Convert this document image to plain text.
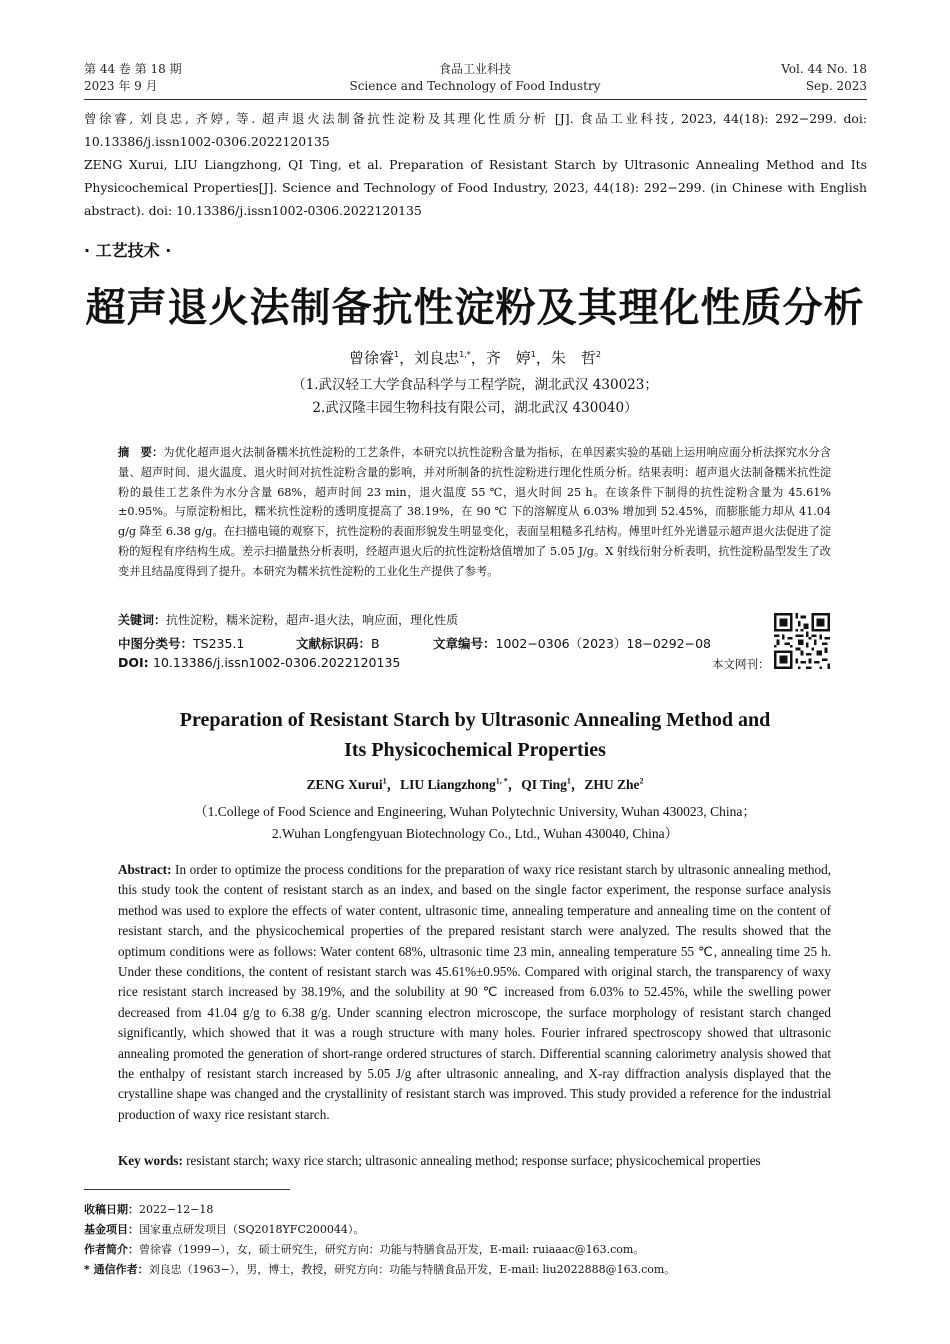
第 44 卷 第 18 期
2023 年 9 月
食品工业科技
Science and Technology of Food Industry
Vol. 44 No. 18
Sep. 2023

曾徐睿, 刘良忠, 齐婷, 等. 超声退火法制备抗性淀粉及其理化性质分析 [J]. 食品工业科技, 2023, 44(18): 292−299. doi: 10.13386/j.issn1002-0306.2022120135

ZENG Xurui, LIU Liangzhong, QI Ting, et al. Preparation of Resistant Starch by Ultrasonic Annealing Method and Its Physicochemical Properties[J]. Science and Technology of Food Industry, 2023, 44(18): 292−299. (in Chinese with English abstract). doi: 10.13386/j.issn1002-0306.2022120135

· 工艺技术 ·
超声退火法制备抗性淀粉及其理化性质分析
曾徐睿$^1$，刘良忠$^{1,*}$，齐　婷$^1$，朱　哲$^2$
（1.武汉轻工大学食品科学与工程学院，湖北武汉 430023；
2.武汉隆丰园生物科技有限公司，湖北武汉 430040）
摘　要：为优化超声退火法制备糯米抗性淀粉的工艺条件，本研究以抗性淀粉含量为指标，在单因素实验的基础上运用响应面分析法探究水分含量、超声时间、退火温度、退火时间对抗性淀粉含量的影响，并对所制备的抗性淀粉进行理化性质分析。结果表明：超声退火法制备糯米抗性淀粉的最佳工艺条件为水分含量 68%，超声时间 23 min，退火温度 55 ℃，退火时间 25 h。在该条件下制得的抗性淀粉含量为 45.61%±0.95%。与原淀粉相比，糯米抗性淀粉的透明度提高了 38.19%，在 90 ℃ 下的溶解度从 6.03% 增加到 52.45%，而膨胀能力却从 41.04 g/g 降至 6.38 g/g。在扫描电镜的观察下，抗性淀粉的表面形貌发生明显变化，表面呈粗糙多孔结构。傅里叶红外光谱显示超声退火法促进了淀粉的短程有序结构生成。差示扫描量热分析表明，经超声退火后的抗性淀粉焓值增加了 5.05 J/g。X 射线衍射分析表明，抗性淀粉晶型发生了改变并且结晶度得到了提升。本研究为糯米抗性淀粉的工业化生产提供了参考。
关键词：抗性淀粉，糯米淀粉，超声-退火法，响应面，理化性质
中图分类号：TS235.1	文献标识码：B	文章编号：1002−0306（2023）18−0292−08
DOI: 10.13386/j.issn1002-0306.2022120135	本文网刊：
Preparation of Resistant Starch by Ultrasonic Annealing Method and
Its Physicochemical Properties
ZENG Xurui$^1$，LIU Liangzhong$^{1, *}$，QI Ting$^1$，ZHU Zhe$^2$
（1.College of Food Science and Engineering, Wuhan Polytechnic University, Wuhan 430023, China；
2.Wuhan Longfengyuan Biotechnology Co., Ltd., Wuhan 430040, China）
Abstract: In order to optimize the process conditions for the preparation of waxy rice resistant starch by ultrasonic annealing method, this study took the content of resistant starch as an index, and based on the single factor experiment, the response surface analysis method was used to explore the effects of water content, ultrasonic time, annealing temperature and annealing time on the content of resistant starch, and the physicochemical properties of the prepared resistant starch were analyzed. The results showed that the optimum conditions were as follows: Water content 68%, ultrasonic time 23 min, annealing temperature 55 ℃, annealing time 25 h. Under these conditions, the content of resistant starch was 45.61%±0.95%. Compared with original starch, the transparency of waxy rice resistant starch increased by 38.19%, and the solubility at 90 ℃ increased from 6.03% to 52.45%, while the swelling power decreased from 41.04 g/g to 6.38 g/g. Under scanning electron microscope, the surface morphology of resistant starch changed significantly, which showed that it was a rough structure with many holes. Fourier infrared spectroscopy showed that ultrasonic annealing promoted the generation of short-range ordered structures of starch. Differential scanning calorimetry analysis showed that the enthalpy of resistant starch increased by 5.05 J/g after ultrasonic annealing, and X-ray diffraction analysis displayed that the crystalline shape was changed and the crystallinity of resistant starch was improved. This study provided a reference for the industrial production of waxy rice resistant starch.
Key words: resistant starch; waxy rice starch; ultrasonic annealing method; response surface; physicochemical properties
收稿日期：2022−12−18
基金项目：国家重点研发项目（SQ2018YFC200044）。
作者简介：曾徐睿（1999−），女，硕士研究生，研究方向：功能与特膳食品开发，E-mail: ruiaaac@163.com。
* 通信作者：刘良忠（1963−），男，博士，教授，研究方向：功能与特膳食品开发，E-mail: liu2022888@163.com。
